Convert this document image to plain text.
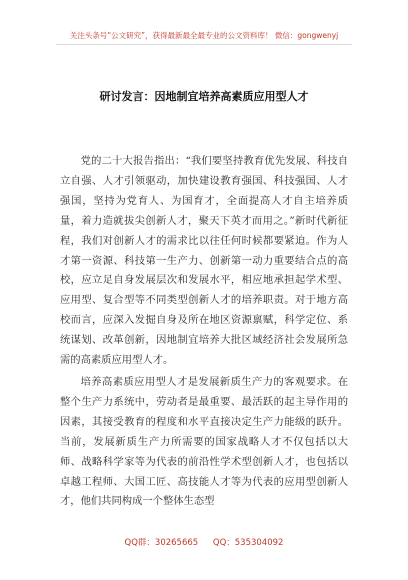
关注头条号“公文研究”，获得最新最全最专业的公文资料库！ 微信：gongwenyj
研讨发言：因地制宜培养高素质应用型人才

党的二十大报告指出：“我们要坚持教育优先发展、科技自立自强、人才引领驱动，加快建设教育强国、科技强国、人才强国，坚持为党育人、为国育才，全面提高人才自主培养质量，着力造就拔尖创新人才，聚天下英才而用之。”新时代新征程，我们对创新人才的需求比以往任何时候都要紧迫。作为人才第一资源、科技第一生产力、创新第一动力重要结合点的高校，应立足自身发展层次和发展水平，相应地承担起学术型、应用型、复合型等不同类型创新人才的培养职责。对于地方高校而言，应深入发掘自身及所在地区资源禀赋，科学定位、系统谋划、改革创新，因地制宜培养大批区域经济社会发展所急需的高素质应用型人才。

培养高素质应用型人才是发展新质生产力的客观要求。在整个生产力系统中，劳动者是最重要、最活跃的起主导作用的因素，其接受教育的程度和水平直接决定生产力能级的跃升。当前，发展新质生产力所需要的国家战略人才不仅包括以大师、战略科学家等为代表的前沿性学术型创新人才，也包括以卓越工程师、大国工匠、高技能人才等为代表的应用型创新人才，他们共同构成一个整体生态型

QQ群：30265665 QQ：535304092
